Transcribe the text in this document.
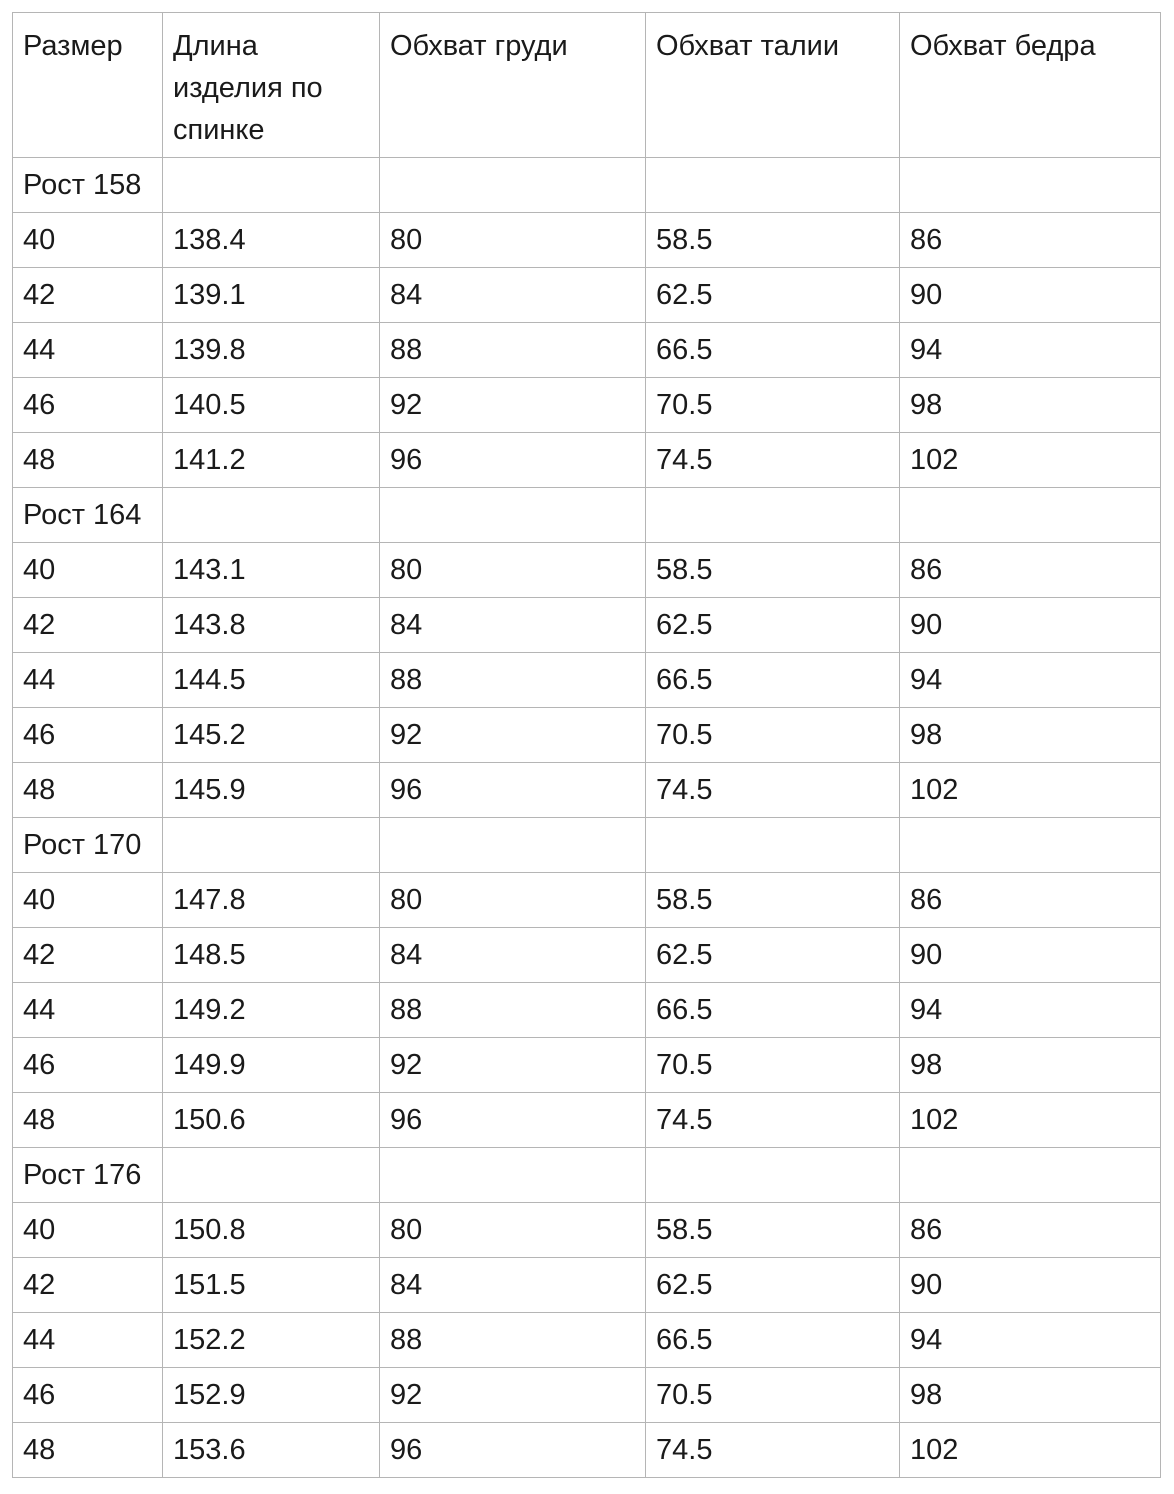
Размер	Длина изделия по спинке	Обхват груди	Обхват талии	Обхват бедра

Рост 158				
40	138.4	80	58.5	86
42	139.1	84	62.5	90
44	139.8	88	66.5	94
46	140.5	92	70.5	98
48	141.2	96	74.5	102
Рост 164				
40	143.1	80	58.5	86
42	143.8	84	62.5	90
44	144.5	88	66.5	94
46	145.2	92	70.5	98
48	145.9	96	74.5	102
Рост 170				
40	147.8	80	58.5	86
42	148.5	84	62.5	90
44	149.2	88	66.5	94
46	149.9	92	70.5	98
48	150.6	96	74.5	102
Рост 176				
40	150.8	80	58.5	86
42	151.5	84	62.5	90
44	152.2	88	66.5	94
46	152.9	92	70.5	98
48	153.6	96	74.5	102
